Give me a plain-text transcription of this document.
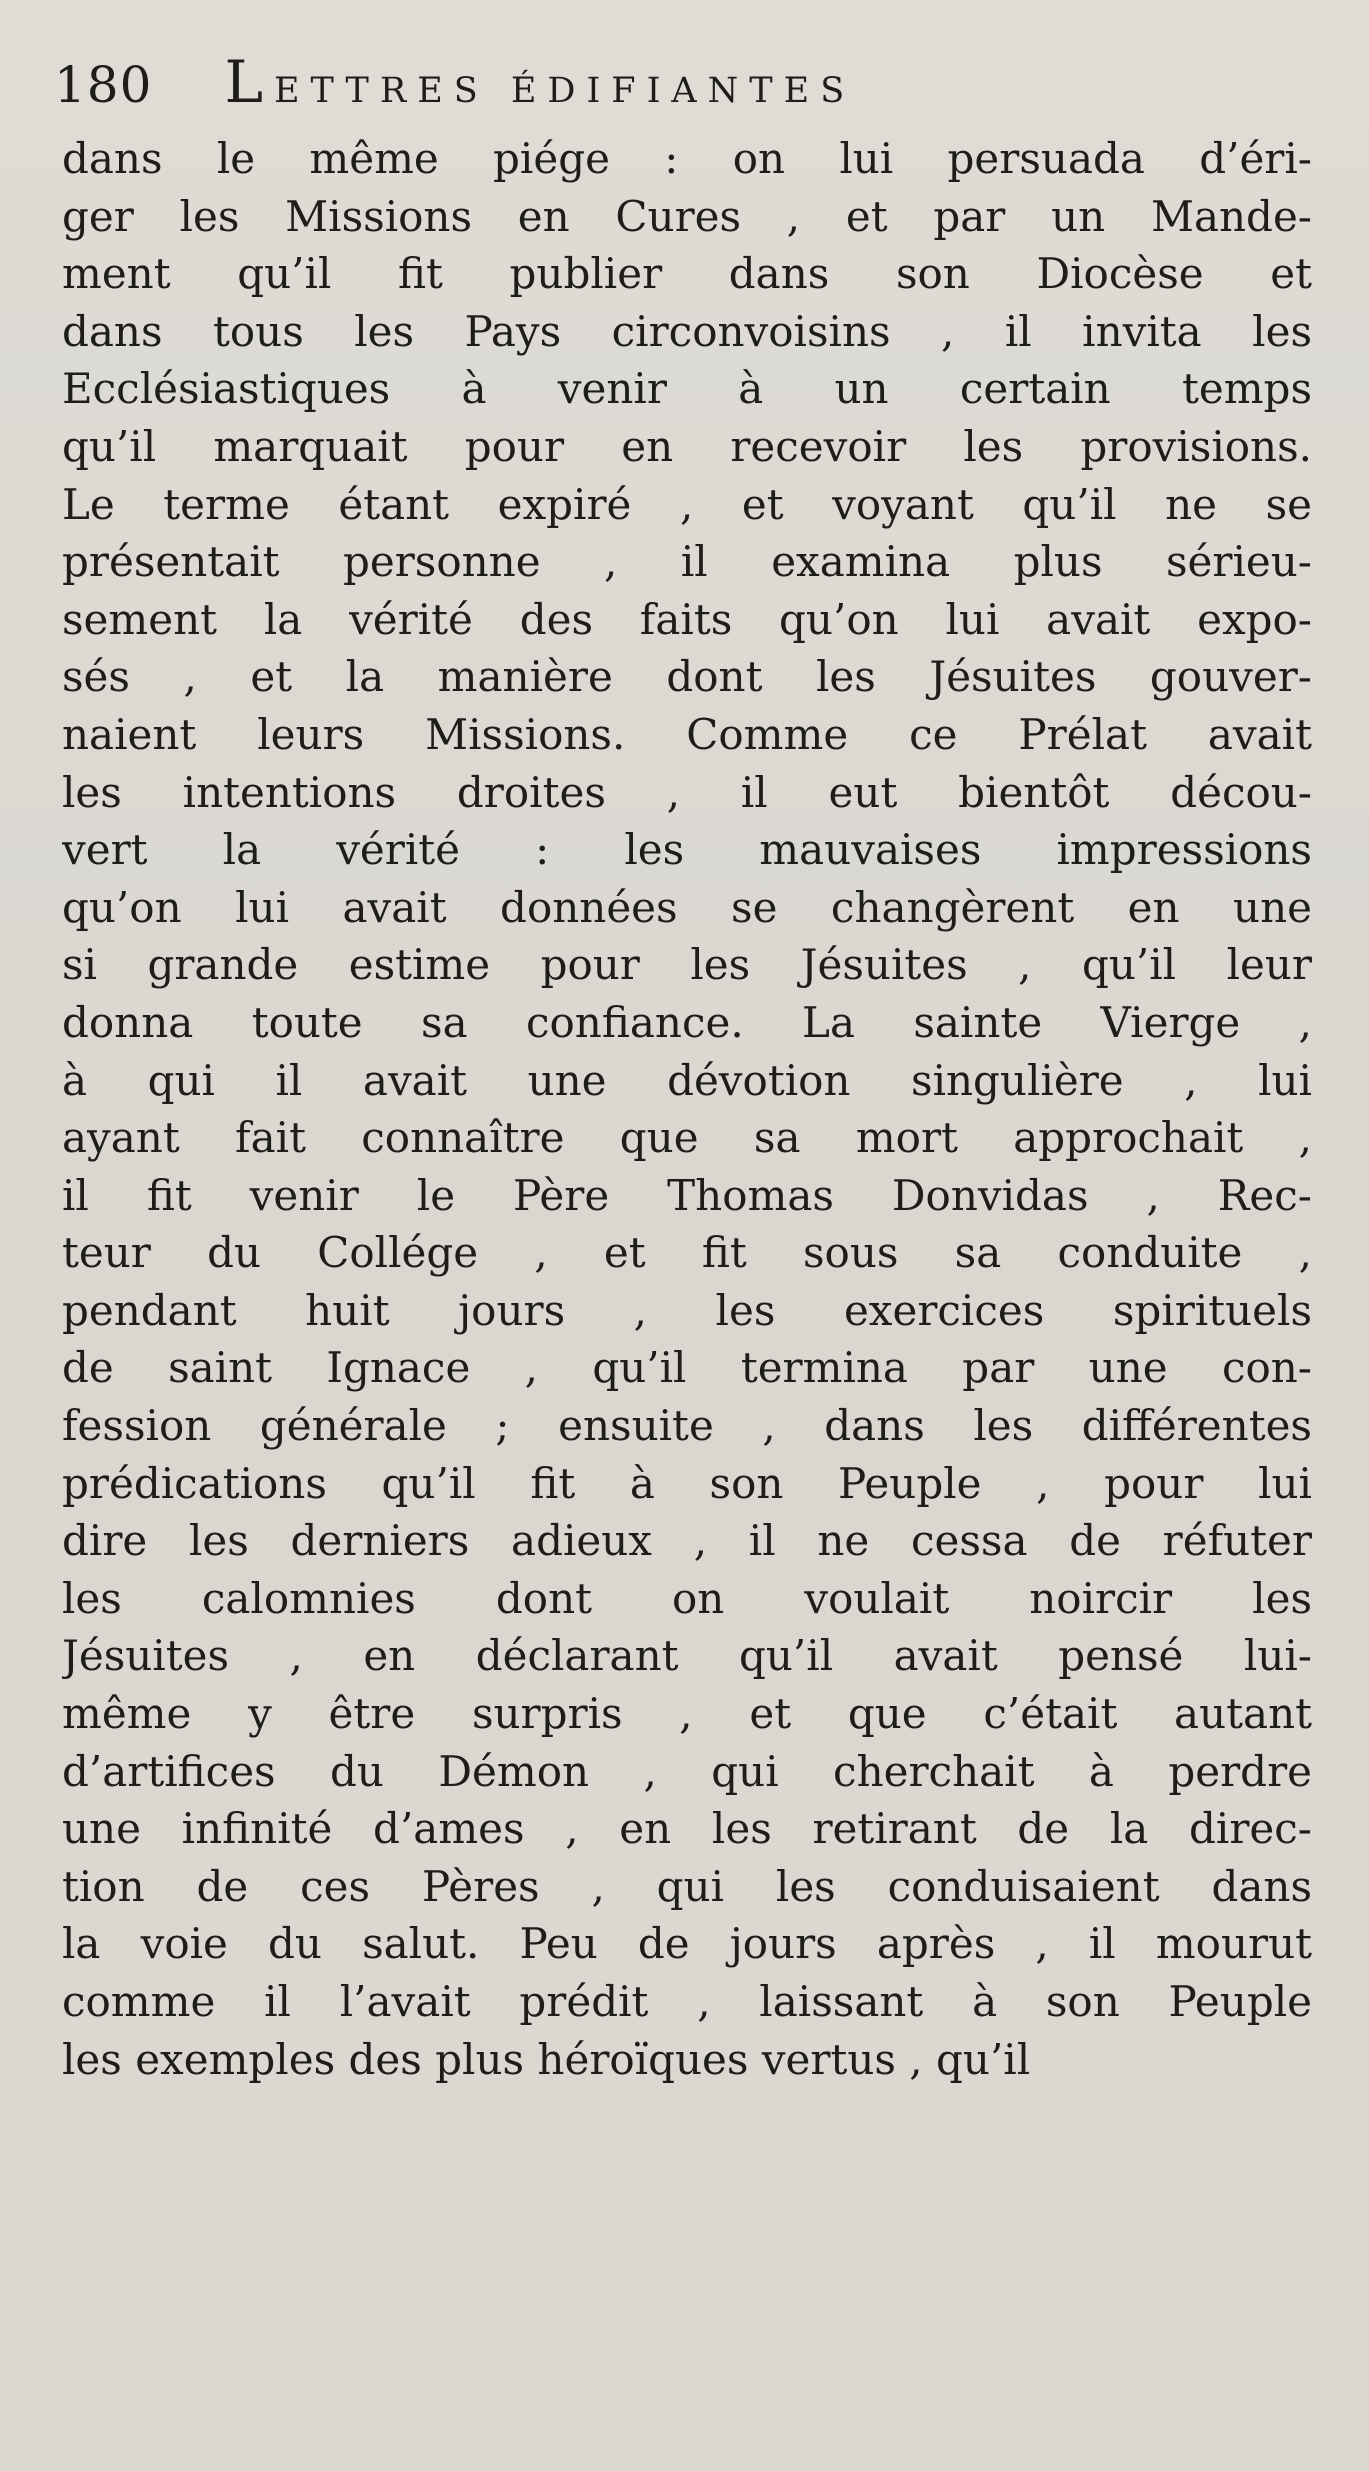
180 LETTRES ÉDIFIANTES
dans le même piége : on lui persuada d’éri-
ger les Missions en Cures , et par un Mande-
ment qu’il fit publier dans son Diocèse et
dans tous les Pays circonvoisins , il invita les
Ecclésiastiques à venir à un certain temps
qu’il marquait pour en recevoir les provisions.
Le terme étant expiré , et voyant qu’il ne se
présentait personne , il examina plus sérieu-
sement la vérité des faits qu’on lui avait expo-
sés , et la manière dont les Jésuites gouver-
naient leurs Missions. Comme ce Prélat avait
les intentions droites , il eut bientôt décou-
vert la vérité : les mauvaises impressions
qu’on lui avait données se changèrent en une
si grande estime pour les Jésuites , qu’il leur
donna toute sa confiance. La sainte Vierge ,
à qui il avait une dévotion singulière , lui
ayant fait connaître que sa mort approchait ,
il fit venir le Père Thomas Donvidas , Rec-
teur du Collége , et fit sous sa conduite ,
pendant huit jours , les exercices spirituels
de saint Ignace , qu’il termina par une con-
fession générale ; ensuite , dans les différentes
prédications qu’il fit à son Peuple , pour lui
dire les derniers adieux , il ne cessa de réfuter
les calomnies dont on voulait noircir les
Jésuites , en déclarant qu’il avait pensé lui-
même y être surpris , et que c’était autant
d’artifices du Démon , qui cherchait à perdre
une infinité d’ames , en les retirant de la direc-
tion de ces Pères , qui les conduisaient dans
la voie du salut. Peu de jours après , il mourut
comme il l’avait prédit , laissant à son Peuple
les exemples des plus héroïques vertus , qu’il
